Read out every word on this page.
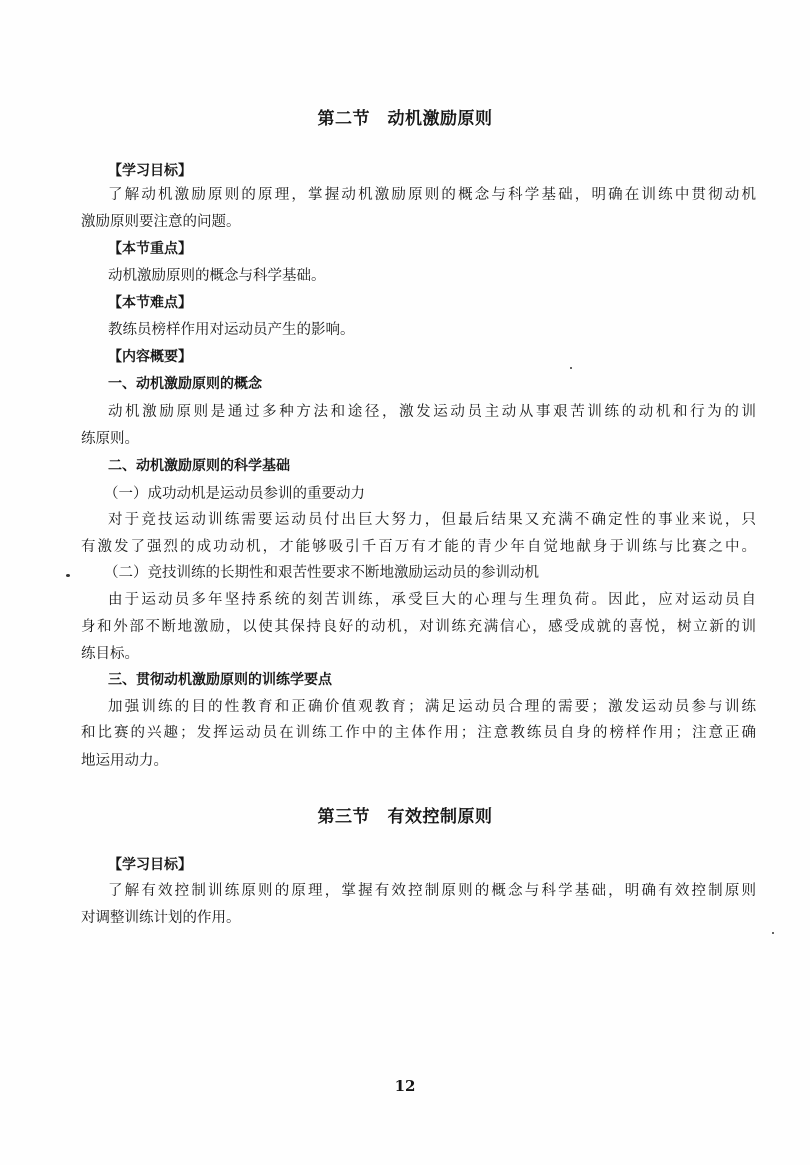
第二节　动机激励原则
【学习目标】
了解动机激励原则的原理，掌握动机激励原则的概念与科学基础，明确在训练中贯彻动机
激励原则要注意的问题。
【本节重点】
动机激励原则的概念与科学基础。
【本节难点】
教练员榜样作用对运动员产生的影响。
【内容概要】
一、动机激励原则的概念
动机激励原则是通过多种方法和途径，激发运动员主动从事艰苦训练的动机和行为的训
练原则。
二、动机激励原则的科学基础
（一）成功动机是运动员参训的重要动力
对于竞技运动训练需要运动员付出巨大努力，但最后结果又充满不确定性的事业来说，只
有激发了强烈的成功动机，才能够吸引千百万有才能的青少年自觉地献身于训练与比赛之中。
（二）竞技训练的长期性和艰苦性要求不断地激励运动员的参训动机
由于运动员多年坚持系统的刻苦训练，承受巨大的心理与生理负荷。因此，应对运动员自
身和外部不断地激励，以使其保持良好的动机，对训练充满信心，感受成就的喜悦，树立新的训
练目标。
三、贯彻动机激励原则的训练学要点
加强训练的目的性教育和正确价值观教育；满足运动员合理的需要；激发运动员参与训练
和比赛的兴趣；发挥运动员在训练工作中的主体作用；注意教练员自身的榜样作用；注意正确
地运用动力。
第三节　有效控制原则
【学习目标】
了解有效控制训练原则的原理，掌握有效控制原则的概念与科学基础，明确有效控制原则
对调整训练计划的作用。
12
